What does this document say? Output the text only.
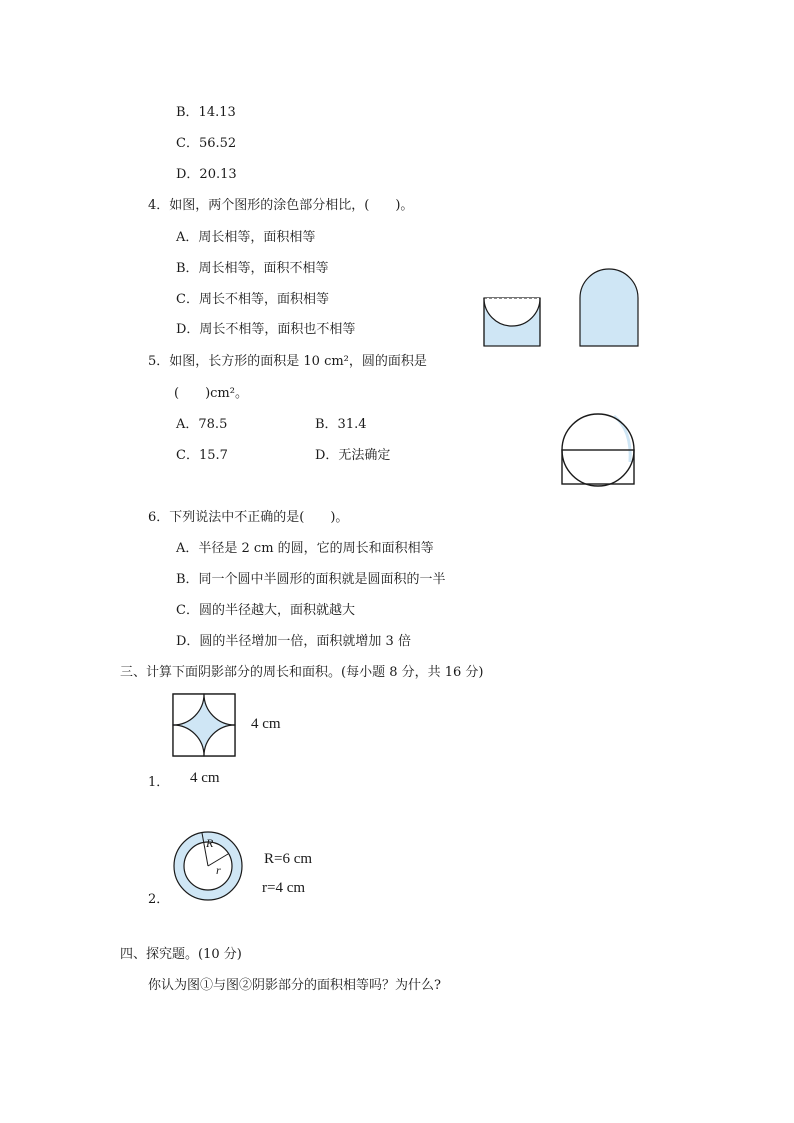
B．14.13
C．56.52
D．20.13
4．如图，两个图形的涂色部分相比，(　　)。
A．周长相等，面积相等
B．周长相等，面积不相等
C．周长不相等，面积相等
D．周长不相等，面积也不相等
5．如图，长方形的面积是 10 cm²，圆的面积是
(　　)cm²。
A．78.5	B．31.4
C．15.7	D．无法确定
6．下列说法中不正确的是(　　)。
A．半径是 2 cm 的圆，它的周长和面积相等
B．同一个圆中半圆形的面积就是圆面积的一半
C．圆的半径越大，面积就越大
D．圆的半径增加一倍，面积就增加 3 倍
三、计算下面阴影部分的周长和面积。(每小题 8 分，共 16 分)
4 cm
4 cm
1．
R
r
R=6 cm
r=4 cm
2．
四、探究题。(10 分)
你认为图①与图②阴影部分的面积相等吗？为什么?
